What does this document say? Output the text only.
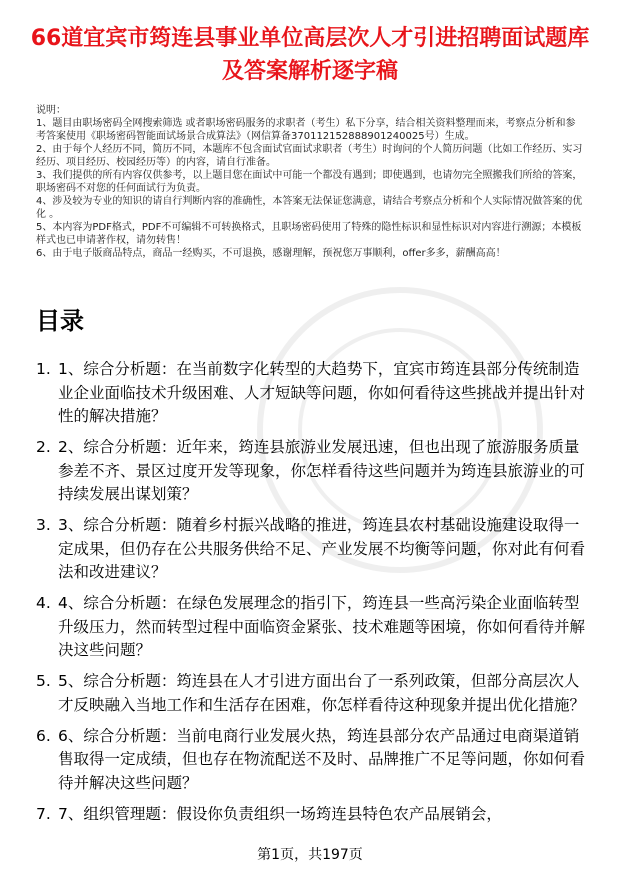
66道宜宾市筠连县事业单位高层次人才引进招聘面试题库及答案解析逐字稿

说明：

1、题目由职场密码全网搜索筛选 或者职场密码服务的求职者（考生）私下分享，结合相关资料整理而来，考察点分析和参考答案使用《职场密码智能面试场景合成算法》（网信算备370112152888901240025号）生成。

2、由于每个人经历不同，简历不同，本题库不包含面试官面试求职者（考生）时询问的个人简历问题（比如工作经历、实习经历、项目经历、校园经历等）的内容，请自行准备。

3、我们提供的所有内容仅供参考，以上题目您在面试中可能一个都没有遇到；即使遇到，也请勿完全照搬我们所给的答案，职场密码不对您的任何面试行为负责。

4、涉及较为专业的知识的请自行判断内容的准确性，本答案无法保证您满意，请结合考察点分析和个人实际情况做答案的优化 。

5、本内容为PDF格式，PDF不可编辑不可转换格式，且职场密码使用了特殊的隐性标识和显性标识对内容进行溯源；本模板样式也已申请著作权，请勿转售！

6、由于电子版商品特点，商品一经购买，不可退换，感谢理解，预祝您万事顺利，offer多多，薪酬高高！

目录
1. 1、综合分析题：在当前数字化转型的大趋势下，宜宾市筠连县部分传统制造业企业面临技术升级困难、人才短缺等问题，你如何看待这些挑战并提出针对性的解决措施？
2. 2、综合分析题：近年来，筠连县旅游业发展迅速，但也出现了旅游服务质量参差不齐、景区过度开发等现象，你怎样看待这些问题并为筠连县旅游业的可持续发展出谋划策？
3. 3、综合分析题：随着乡村振兴战略的推进，筠连县农村基础设施建设取得一定成果，但仍存在公共服务供给不足、产业发展不均衡等问题，你对此有何看法和改进建议？
4. 4、综合分析题：在绿色发展理念的指引下，筠连县一些高污染企业面临转型升级压力，然而转型过程中面临资金紧张、技术难题等困境，你如何看待并解决这些问题？
5. 5、综合分析题：筠连县在人才引进方面出台了一系列政策，但部分高层次人才反映融入当地工作和生活存在困难，你怎样看待这种现象并提出优化措施？
6. 6、综合分析题：当前电商行业发展火热，筠连县部分农产品通过电商渠道销售取得一定成绩，但也存在物流配送不及时、品牌推广不足等问题，你如何看待并解决这些问题？
7. 7、组织管理题：假设你负责组织一场筠连县特色农产品展销会，
第1页，共197页
